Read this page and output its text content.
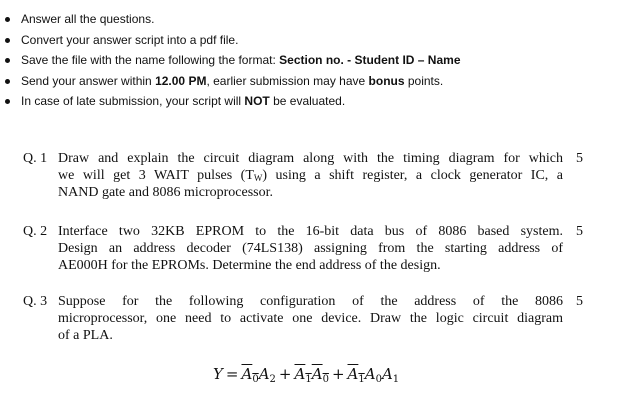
Answer all the questions.
Convert your answer script into a pdf file.
Save the file with the name following the format: Section no. - Student ID – Name
Send your answer within 12.00 PM, earlier submission may have bonus points.
In case of late submission, your script will NOT be evaluated.
Q. 1 Draw and explain the circuit diagram along with the timing diagram for which
we will get 3 WAIT pulses $(T_W)$ using a shift register, a clock generator IC, a
NAND gate and 8086 microprocessor.
5
Q. 2 Interface two 32KB EPROM to the 16-bit data bus of 8086 based system.
Design an address decoder (74LS138) assigning from the starting address of
AE000H for the EPROMs. Determine the end address of the design.
5
Q. 3 Suppose for the following configuration of the address of the 8086
microprocessor, one need to activate one device. Draw the logic circuit diagram
of a PLA.
5
$Y = A_0A_2 + A_1A_0 + A_1A_0A_1$
